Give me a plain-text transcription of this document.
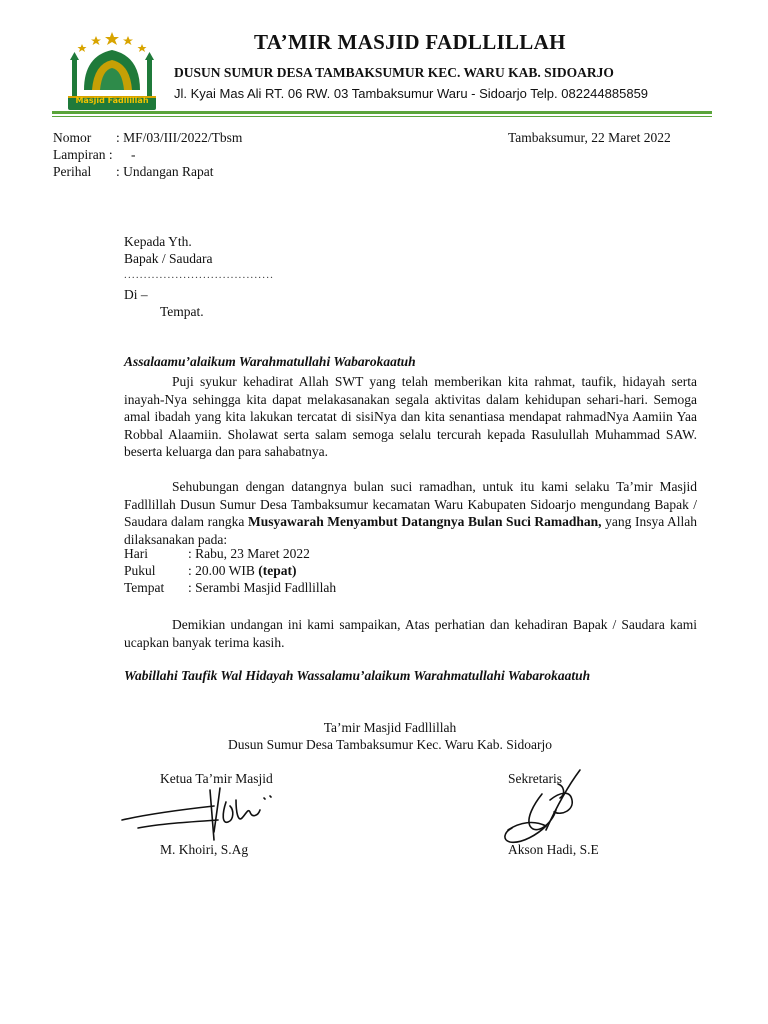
Masjid Fadllillah
TA’MIR MASJID FADLLILLAH
DUSUN SUMUR DESA TAMBAKSUMUR KEC. WARU KAB. SIDOARJO
Jl. Kyai Mas Ali RT. 06 RW. 03 Tambaksumur Waru - Sidoarjo Telp. 082244885859
Nomor : MF/03/III/2022/Tbsm	Tambaksumur, 22 Maret 2022
Lampiran : -
Perihal : Undangan Rapat
Kepada Yth.
Bapak / Saudara
......................................
Di –
Tempat.
Assalaamu’alaikum Warahmatullahi Wabarokaatuh
Puji syukur kehadirat Allah SWT yang telah memberikan kita rahmat, taufik, hidayah serta inayah-Nya sehingga kita dapat melakasanakan segala aktivitas dalam kehidupan sehari-hari. Semoga amal ibadah yang kita lakukan tercatat di sisiNya dan kita senantiasa mendapat rahmadNya Aamiin Yaa Robbal Alaamiin. Sholawat serta salam semoga selalu tercurah kepada Rasulullah Muhammad SAW. beserta keluarga dan para sahabatnya.
Sehubungan dengan datangnya bulan suci ramadhan, untuk itu kami selaku Ta’mir Masjid Fadllillah Dusun Sumur Desa Tambaksumur kecamatan Waru Kabupaten Sidoarjo mengundang Bapak / Saudara dalam rangka Musyawarah Menyambut Datangnya Bulan Suci Ramadhan, yang Insya Allah dilaksanakan pada:
Hari	: Rabu, 23 Maret 2022
Pukul : 20.00 WIB (tepat)
Tempat : Serambi Masjid Fadllillah
Demikian undangan ini kami sampaikan, Atas perhatian dan kehadiran Bapak / Saudara kami ucapkan banyak terima kasih.
Wabillahi Taufik Wal Hidayah Wassalamu’alaikum Warahmatullahi Wabarokaatuh
Ta’mir Masjid Fadllillah
Dusun Sumur Desa Tambaksumur Kec. Waru Kab. Sidoarjo
Ketua Ta’mir Masjid	Sekretaris
M. Khoiri, S.Ag	Akson Hadi, S.E
